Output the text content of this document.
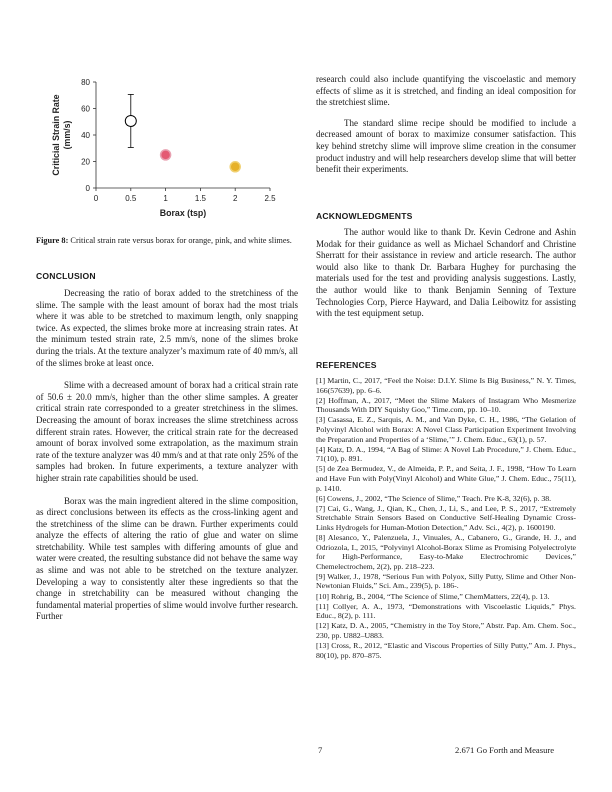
0
20
40
60
80
0	0.5	1	1.5	2	2.5
Borax (tsp)
Criticial Strain Rate(mm/s)
Figure 8: Critical strain rate versus borax for orange, pink, and white slimes.
CONCLUSION

Decreasing the ratio of borax added to the stretchiness of the slime. The sample with the least amount of borax had the most trials where it was able to be stretched to maximum length, only snapping twice. As expected, the slimes broke more at increasing strain rates. At the minimum tested strain rate, 2.5 mm/s, none of the slimes broke during the trials. At the texture analyzer’s maximum rate of 40 mm/s, all of the slimes broke at least once.

Slime with a decreased amount of borax had a critical strain rate of 50.6 ± 20.0 mm/s, higher than the other slime samples. A greater critical strain rate corresponded to a greater stretchiness in the slimes. Decreasing the amount of borax increases the slime stretchiness across different strain rates. However, the critical strain rate for the decreased amount of borax involved some extrapolation, as the maximum strain rate of the texture analyzer was 40 mm/s and at that rate only 25% of the samples had broken. In future experiments, a texture analyzer with higher strain rate capabilities should be used.

Borax was the main ingredient altered in the slime composition, as direct conclusions between its effects as the cross-linking agent and the stretchiness of the slime can be drawn. Further experiments could analyze the effects of altering the ratio of glue and water on slime stretchability. While test samples with differing amounts of glue and water were created, the resulting substance did not behave the same way as slime and was not able to be stretched on the texture analyzer. Developing a way to consistently alter these ingredients so that the change in stretchability can be measured without changing the fundamental material properties of slime would involve further research. Further

research could also include quantifying the viscoelastic and memory effects of slime as it is stretched, and finding an ideal composition for the stretchiest slime.

The standard slime recipe should be modified to include a decreased amount of borax to maximize consumer satisfaction. This key behind stretchy slime will improve slime creation in the consumer product industry and will help researchers develop slime that will better benefit their experiments.

ACKNOWLEDGMENTS

The author would like to thank Dr. Kevin Cedrone and Ashin Modak for their guidance as well as Michael Schandorf and Christine Sherratt for their assistance in review and article research. The author would also like to thank Dr. Barbara Hughey for purchasing the materials used for the test and providing analysis suggestions. Lastly, the author would like to thank Benjamin Senning of Texture Technologies Corp, Pierce Hayward, and Dalia Leibowitz for assisting with the test equipment setup.

REFERENCES

[1] Martin, C., 2017, “Feel the Noise: D.I.Y. Slime Is Big Business,” N. Y. Times, 166(57639), pp. 6–6.

[2] Hoffman, A., 2017, “Meet the Slime Makers of Instagram Who Mesmerize Thousands With DIY Squishy Goo,” Time.com, pp. 10–10.

[3] Casassa, E. Z., Sarquis, A. M., and Van Dyke, C. H., 1986, “The Gelation of Polyvinyl Alcohol with Borax: A Novel Class Participation Experiment Involving the Preparation and Properties of a ‘Slime,’” J. Chem. Educ., 63(1), p. 57.

[4] Katz, D. A., 1994, “A Bag of Slime: A Novel Lab Procedure,” J. Chem. Educ., 71(10), p. 891.

[5] de Zea Bermudez, V., de Almeida, P. P., and Seita, J. F., 1998, “How To Learn and Have Fun with Poly(Vinyl Alcohol) and White Glue,” J. Chem. Educ., 75(11), p. 1410.

[6] Cowens, J., 2002, “The Science of Slime,” Teach. Pre K-8, 32(6), p. 38.

[7] Cai, G., Wang, J., Qian, K., Chen, J., Li, S., and Lee, P. S., 2017, “Extremely Stretchable Strain Sensors Based on Conductive Self-Healing Dynamic Cross-Links Hydrogels for Human-Motion Detection,” Adv. Sci., 4(2), p. 1600190.

[8] Alesanco, Y., Palenzuela, J., Vinuales, A., Cabanero, G., Grande, H. J., and Odriozola, I., 2015, “Polyvinyl Alcohol-Borax Slime as Promising Polyelectrolyte for High-Performance, Easy-to-Make Electrochromic Devices,” Chemelectrochem, 2(2), pp. 218–223.

[9] Walker, J., 1978, “Serious Fun with Polyox, Silly Putty, Slime and Other Non-Newtonian Fluids,” Sci. Am., 239(5), p. 186-.

[10] Rohrig, B., 2004, “The Science of Slime,” ChemMatters, 22(4), p. 13.

[11] Collyer, A. A., 1973, “Demonstrations with Viscoelastic Liquids,” Phys. Educ., 8(2), p. 111.

[12] Katz, D. A., 2005, “Chemistry in the Toy Store,” Abstr. Pap. Am. Chem. Soc., 230, pp. U882–U883.

[13] Cross, R., 2012, “Elastic and Viscous Properties of Silly Putty,” Am. J. Phys., 80(10), pp. 870–875.

7	2.671 Go Forth and Measure
